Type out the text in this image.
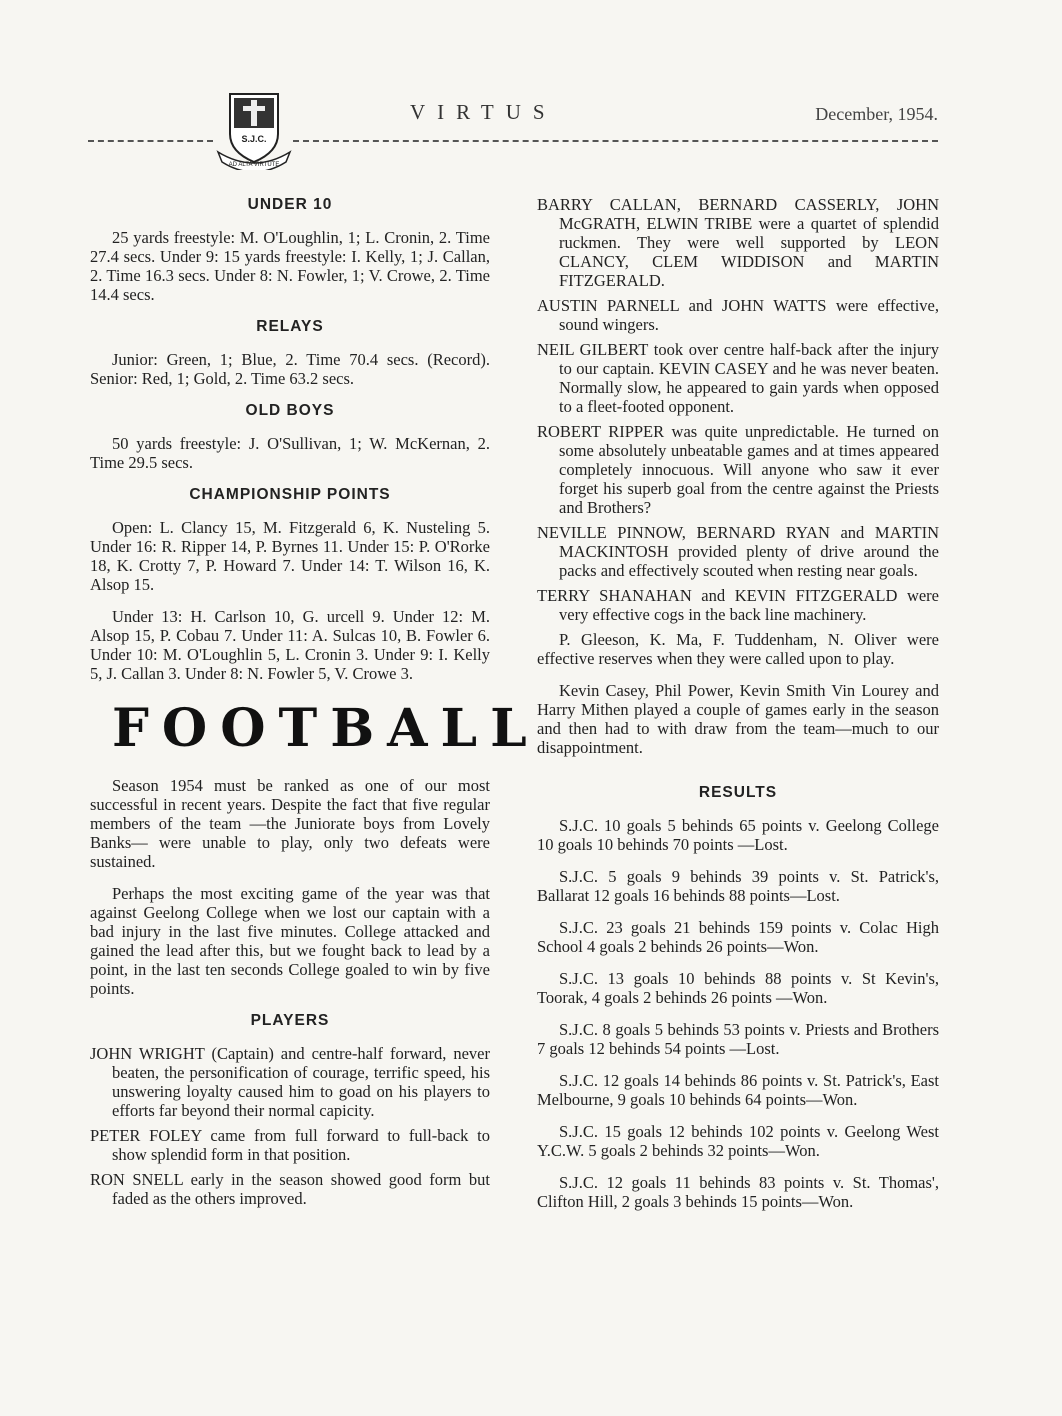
S.J.C.
AD ALTA VIRTUTE
VIRTUS	December, 1954.
UNDER 10

25 yards freestyle: M. O'Loughlin, 1; L. Cronin, 2. Time 27.4 secs. Under 9: 15 yards freestyle: I. Kelly, 1; J. Callan, 2. Time 16.3 secs. Under 8: N. Fowler, 1; V. Crowe, 2. Time 14.4 secs.

RELAYS

Junior: Green, 1; Blue, 2. Time 70.4 secs. (Record). Senior: Red, 1; Gold, 2. Time 63.2 secs.

OLD BOYS

50 yards freestyle: J. O'Sullivan, 1; W. McKernan, 2. Time 29.5 secs.

CHAMPIONSHIP POINTS

Open: L. Clancy 15, M. Fitzgerald 6, K. Nusteling 5. Under 16: R. Ripper 14, P. Byrnes 11. Under 15: P. O'Rorke 18, K. Crotty 7, P. Howard 7. Under 14: T. Wilson 16, K. Alsop 15.

Under 13: H. Carlson 10, G. urcell 9. Under 12: M. Alsop 15, P. Cobau 7. Under 11: A. Sulcas 10, B. Fowler 6. Under 10: M. O'Loughlin 5, L. Cronin 3. Under 9: I. Kelly 5, J. Callan 3. Under 8: N. Fowler 5, V. Crowe 3.

FOOTBALL

Season 1954 must be ranked as one of our most successful in recent years. Despite the fact that five regular members of the team —the Juniorate boys from Lovely Banks— were unable to play, only two defeats were sustained.

Perhaps the most exciting game of the year was that against Geelong College when we lost our captain with a bad injury in the last five minutes. College attacked and gained the lead after this, but we fought back to lead by a point, in the last ten seconds College goaled to win by five points.

PLAYERS

JOHN WRIGHT (Captain) and centre-half forward, never beaten, the personification of courage, terrific speed, his unswering loyalty caused him to goad on his players to efforts far beyond their normal capicity.

PETER FOLEY came from full forward to full-back to show splendid form in that position.

RON SNELL early in the season showed good form but faded as the others improved.

BARRY CALLAN, BERNARD CASSERLY, JOHN McGRATH, ELWIN TRIBE were a quartet of splendid ruckmen. They were well supported by LEON CLANCY, CLEM WIDDISON and MARTIN FITZGERALD.

AUSTIN PARNELL and JOHN WATTS were effective, sound wingers.

NEIL GILBERT took over centre half-back after the injury to our captain. KEVIN CASEY and he was never beaten. Normally slow, he appeared to gain yards when opposed to a fleet-footed opponent.

ROBERT RIPPER was quite unpredictable. He turned on some absolutely unbeatable games and at times appeared completely innocuous. Will anyone who saw it ever forget his superb goal from the centre against the Priests and Brothers?

NEVILLE PINNOW, BERNARD RYAN and MARTIN MACKINTOSH provided plenty of drive around the packs and effectively scouted when resting near goals.

TERRY SHANAHAN and KEVIN FITZGERALD were very effective cogs in the back line machinery.

P. Gleeson, K. Ma, F. Tuddenham, N. Oliver were effective reserves when they were called upon to play.

Kevin Casey, Phil Power, Kevin Smith Vin Lourey and Harry Mithen played a couple of games early in the season and then had to with draw from the team—much to our disappointment.

RESULTS

S.J.C. 10 goals 5 behinds 65 points v. Geelong College 10 goals 10 behinds 70 points —Lost.

S.J.C. 5 goals 9 behinds 39 points v. St. Patrick's, Ballarat 12 goals 16 behinds 88 points—Lost.

S.J.C. 23 goals 21 behinds 159 points v. Colac High School 4 goals 2 behinds 26 points—Won.

S.J.C. 13 goals 10 behinds 88 points v. St Kevin's, Toorak, 4 goals 2 behinds 26 points —Won.

S.J.C. 8 goals 5 behinds 53 points v. Priests and Brothers 7 goals 12 behinds 54 points —Lost.

S.J.C. 12 goals 14 behinds 86 points v. St. Patrick's, East Melbourne, 9 goals 10 behinds 64 points—Won.

S.J.C. 15 goals 12 behinds 102 points v. Geelong West Y.C.W. 5 goals 2 behinds 32 points—Won.

S.J.C. 12 goals 11 behinds 83 points v. St. Thomas', Clifton Hill, 2 goals 3 behinds 15 points—Won.
